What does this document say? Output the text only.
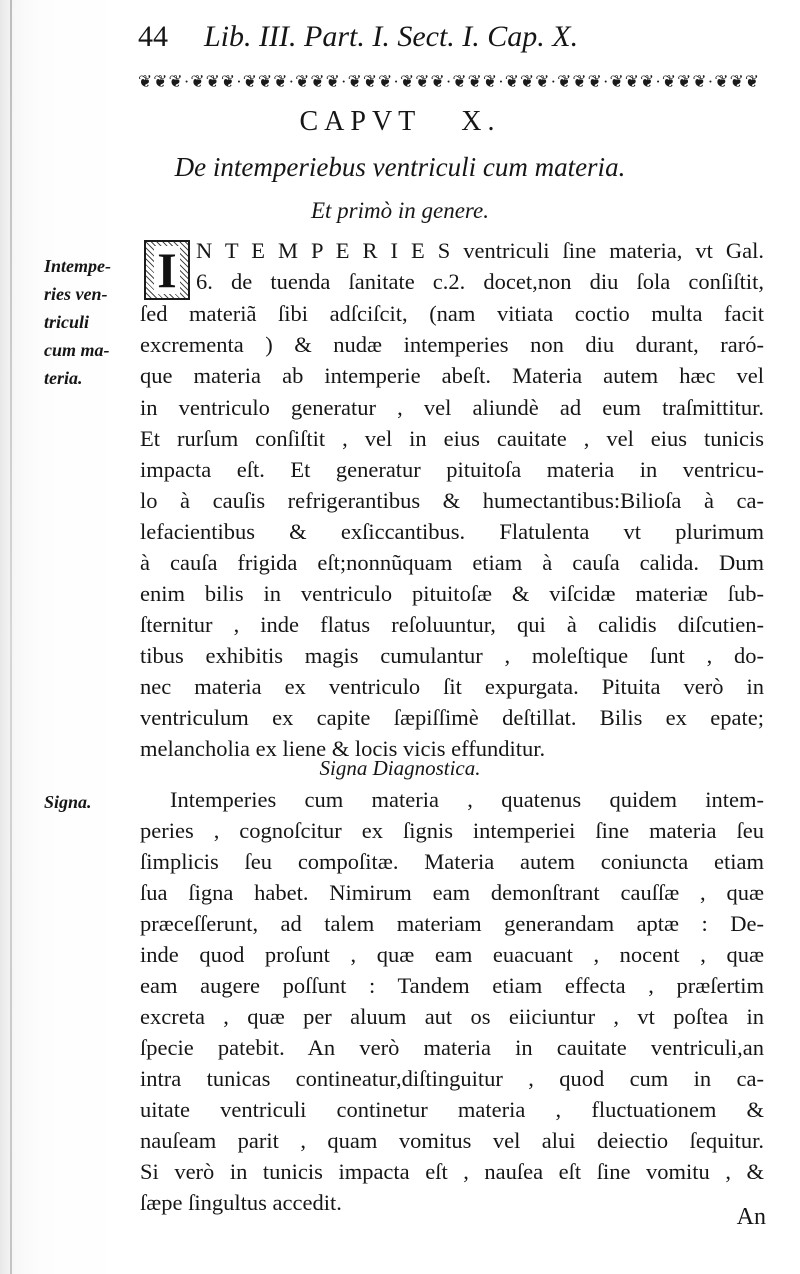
44 Lib. III. Part. I. Sect. I. Cap. X.
❦❦❦·❦❦❦·❦❦❦·❦❦❦·❦❦❦·❦❦❦·❦❦❦·❦❦❦·❦❦❦·❦❦❦·❦❦❦·❦❦❦
CAPVT X.
De intemperiebus ventriculi cum materia.
Et primò in genere.
Intempe-
ries ven-
triculi
cum ma-
teria.
Signa.
I N T E M P E R I E S ventriculi ſine materia, vt Gal.
6. de tuenda ſanitate c.2. docet,non diu ſola conſiſtit,
ſed materiã ſibi adſciſcit, (nam vitiata coctio multa facit
excrementa ) & nudæ intemperies non diu durant, raró-
que materia ab intemperie abeſt. Materia autem hæc vel
in ventriculo generatur , vel aliundè ad eum traſmittitur.
Et rurſum conſiſtit , vel in eius cauitate , vel eius tunicis
impacta eſt. Et generatur pituitoſa materia in ventricu-
lo à cauſis refrigerantibus & humectantibus:Bilioſa à ca-
lefacientibus & exſiccantibus. Flatulenta vt plurimum
à cauſa frigida eſt;nonnũquam etiam à cauſa calida. Dum
enim bilis in ventriculo pituitoſæ & viſcidæ materiæ ſub-
ſternitur , inde flatus reſoluuntur, qui à calidis diſcutien-
tibus exhibitis magis cumulantur , moleſtique ſunt , do-
nec materia ex ventriculo ſit expurgata. Pituita verò in
ventriculum ex capite ſæpiſſimè deſtillat. Bilis ex epate;
melancholia ex liene & locis vicis effunditur.
Signa Diagnostica.
Intemperies cum materia , quatenus quidem intem-
peries , cognoſcitur ex ſignis intemperiei ſine materia ſeu
ſimplicis ſeu compoſitæ. Materia autem coniuncta etiam
ſua ſigna habet. Nimirum eam demonſtrant cauſſæ , quæ
præceſſerunt, ad talem materiam generandam aptæ : De-
inde quod proſunt , quæ eam euacuant , nocent , quæ
eam augere poſſunt : Tandem etiam effecta , præſertim
excreta , quæ per aluum aut os eiiciuntur , vt poſtea in
ſpecie patebit. An verò materia in cauitate ventriculi,an
intra tunicas contineatur,diſtinguitur , quod cum in ca-
uitate ventriculi continetur materia , fluctuationem &
nauſeam parit , quam vomitus vel alui deiectio ſequitur.
Si verò in tunicis impacta eſt , nauſea eſt ſine vomitu , &
ſæpe ſingultus accedit.
An
